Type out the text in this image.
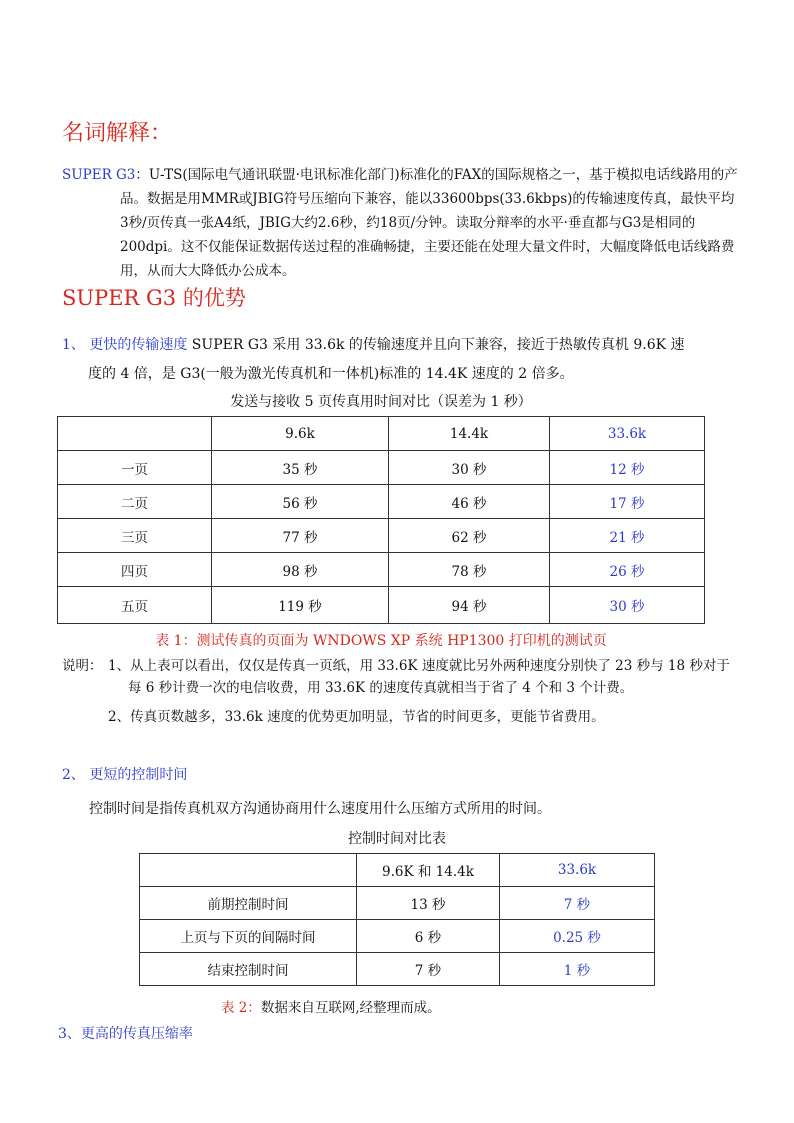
名词解释：
SUPER G3：U-TS(国际电气通讯联盟·电讯标准化部门)标准化的FAX的国际规格之一，基于模拟电话线路用的产品。数据是用MMR或JBIG符号压缩向下兼容，能以33600bps(33.6kbps)的传输速度传真，最快平均3秒/页传真一张A4纸，JBIG大约2.6秒，约18页/分钟。读取分辩率的水平·垂直都与G3是相同的200dpi。这不仅能保证数据传送过程的准确畅捷，主要还能在处理大量文件时，大幅度降低电话线路费用，从而大大降低办公成本。
SUPER G3 的优势
1、 更快的传输速度 SUPER G3 采用 33.6k 的传输速度并且向下兼容，接近于热敏传真机 9.6K 速
度的 4 倍，是 G3(一般为激光传真机和一体机)标准的 14.4K 速度的 2 倍多。
发送与接收 5 页传真用时间对比（误差为 1 秒）
	9.6k	14.4k	33.6k
一页	35 秒	30 秒	12 秒
二页	56 秒	46 秒	17 秒
三页	77 秒	62 秒	21 秒
四页	98 秒	78 秒	26 秒
五页	119 秒	94 秒	30 秒
表 1：测试传真的页面为 WNDOWS XP 系统 HP1300 打印机的测试页
说明： 1、从上表可以看出，仅仅是传真一页纸，用 33.6K 速度就比另外两种速度分别快了 23 秒与 18 秒对于每 6 秒计费一次的电信收费，用 33.6K 的速度传真就相当于省了 4 个和 3 个计费。
2、传真页数越多，33.6k 速度的优势更加明显，节省的时间更多，更能节省费用。
2、 更短的控制时间
控制时间是指传真机双方沟通协商用什么速度用什么压缩方式所用的时间。
控制时间对比表
	9.6K 和 14.4k	33.6k
前期控制时间	13 秒	7 秒
上页与下页的间隔时间	6 秒	0.25 秒
结束控制时间	7 秒	1 秒
表 2：数据来自互联网,经整理而成。
3、更高的传真压缩率
